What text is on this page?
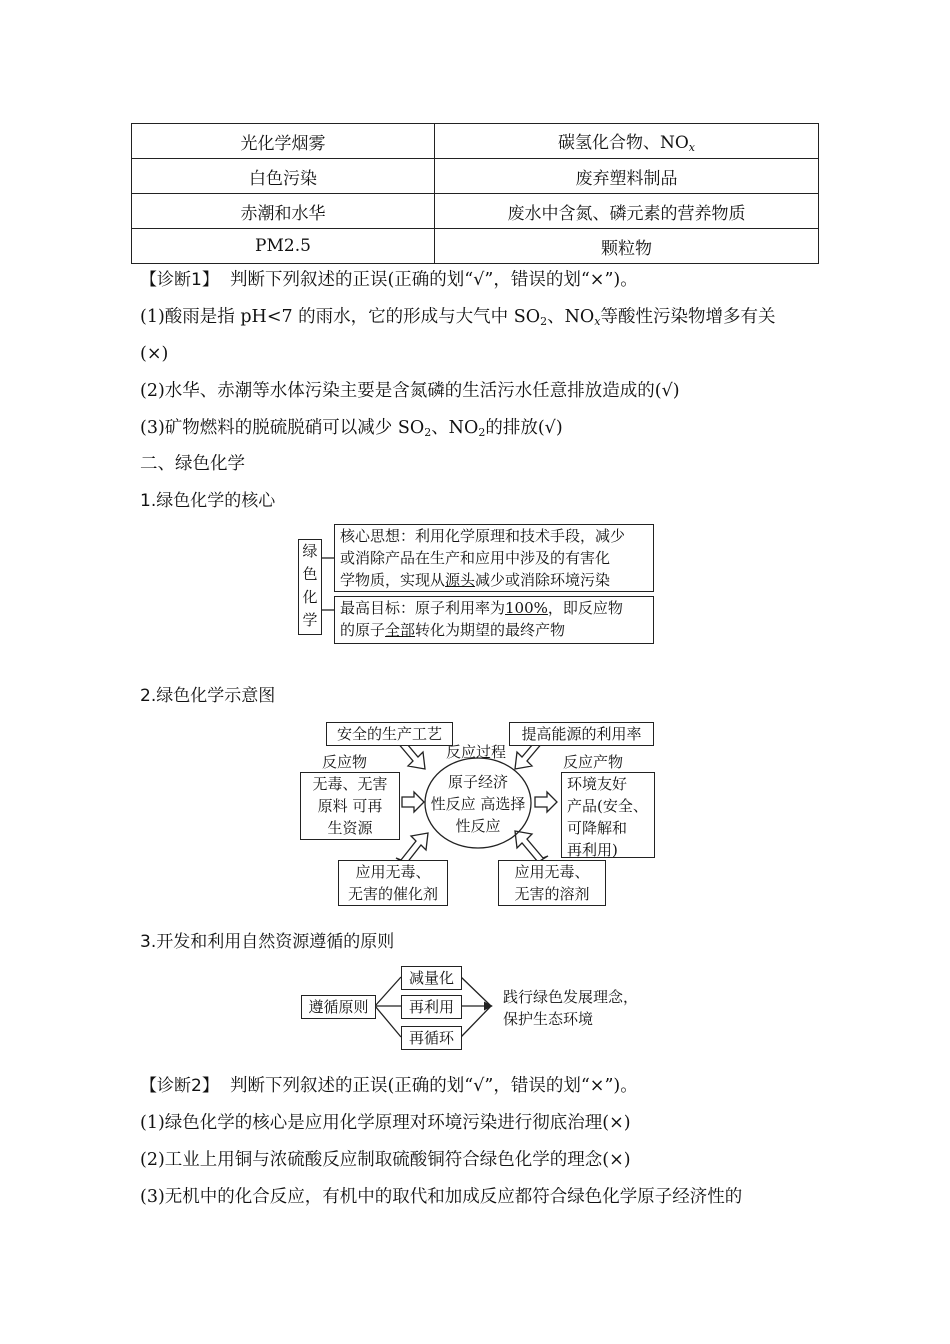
光化学烟雾	碳氢化合物、$NO_x$
白色污染	废弃塑料制品
赤潮和水华	废水中含氮、磷元素的营养物质
PM2.5	颗粒物
【诊断1】 判断下列叙述的正误(正确的划“√”，错误的划“×”)。
(1)酸雨是指 pH<7 的雨水，它的形成与大气中 $SO_2$、$NO_x$等酸性污染物增多有关
(×)
(2)水华、赤潮等水体污染主要是含氮磷的生活污水任意排放造成的(√)
(3)矿物燃料的脱硫脱硝可以减少 $SO_2$、$NO_2$的排放(√)
二、绿色化学
1.绿色化学的核心
绿
色
化
学
核心思想：利用化学原理和技术手段，减少
或消除产品在生产和应用中涉及的有害化
学物质，实现从源头减少或消除环境污染
最高目标：原子利用率为100%，即反应物
的原子全部转化为期望的最终产物
2.绿色化学示意图
安全的生产工艺	提高能源的利用率
反应物
反应过程
反应产物
无毒、无害
原料 可再
生资源
原子经济
性反应 高选择
性反应
环境友好
产品(安全、
可降解和
再利用)
应用无毒、
无害的催化剂
应用无毒、
无害的溶剂
3.开发和利用自然资源遵循的原则
遵循原则
减量化
再利用
再循环
践行绿色发展理念，
保护生态环境
【诊断2】 判断下列叙述的正误(正确的划“√”，错误的划“×”)。
(1)绿色化学的核心是应用化学原理对环境污染进行彻底治理(×)
(2)工业上用铜与浓硫酸反应制取硫酸铜符合绿色化学的理念(×)
(3)无机中的化合反应，有机中的取代和加成反应都符合绿色化学原子经济性的
